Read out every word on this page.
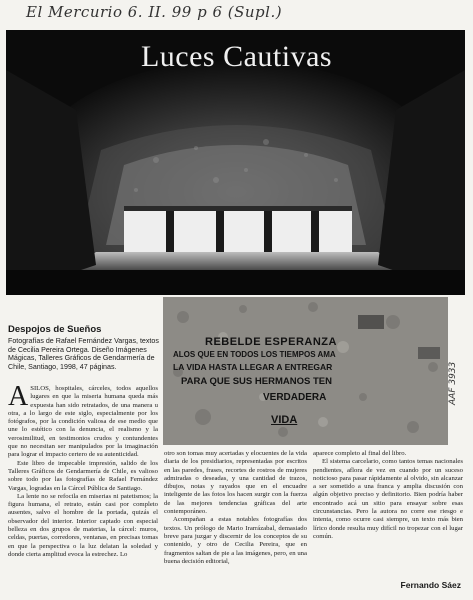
El Mercurio 6. II. 99 p 6 (Supl.)
Luces Cautivas
REBELDE ESPERANZA
ALOS QUE EN TODOS LOS TIEMPOS AMA
LA VIDA HASTA LLEGAR A ENTREGAR
PARA QUE SUS HERMANOS TEN
VERDADERA
VIDA
AAF 3933
Despojos de Sueños
Fotografías de Rafael Fernández Vargas, textos de Cecilia Pereira Ortega. Diseño Imágenes Mágicas, Talleres Gráficos de Gendarmería de Chile, Santiago, 1998, 47 páginas.

ASILOS, hospitales, cárceles, todos aquellos lugares en que la miseria humana queda más expuesta han sido retratados, de una manera u otra, a lo largo de este siglo, especialmente por los fotógrafos, por la condición valiosa de ese medio que une lo estético con la denuncia, el realismo y la verosimilitud, en testimonios crudos y contundentes que no necesitan ser manipulados por la imaginación para lograr el impacto certero de su autenticidad.

Este libro de impecable impresión, salido de los Talleres Gráficos de Gendarmería de Chile, es valioso sobre todo por las fotografías de Rafael Fernández Vargas, logradas en la Cárcel Pública de Santiago.

La lente no se refocila en miserias ni patetismos; la figura humana, el retrato, están casi por completo ausentes, salvo el hombre de la portada, quizás el observador del interior. Interior captado con especial belleza en dos grupos de materias, la cárcel: muros, celdas, puertas, corredores, ventanas, en precisas tomas en que la perspectiva o la luz delatan la soledad y donde cierta amplitud evoca la estrechez. Lo

otro son tomas muy acertadas y elocuentes de la vida diaria de los presidiarios, representadas por escritos en las paredes, frases, recortes de rostros de mujeres admiradas o deseadas, y una cantidad de trazos, dibujos, notas y rayados que en el encuadre inteligente de las fotos los hacen surgir con la fuerza de las mejores tendencias gráficas del arte contemporáneo.

Acompañan a estas notables fotografías dos textos. Un prólogo de Mario Irarrázabal, demasiado breve para juzgar y discernir de los conceptos de su contenido, y otro de Cecilia Pereira, que en fragmentos saltan de pie a las imágenes, pero, en una buena decisión editorial,

aparece completo al final del libro.

El sistema carcelario, como tantos temas nacionales pendientes, aflora de vez en cuando por un suceso noticioso para pasar rápidamente al olvido, sin alcanzar a ser sometido a una franca y amplia discusión con algún objetivo preciso y definitorio. Bien podría haber encontrado acá un sitio para ensayar sobre esas circunstancias. Pero la autora no corre ese riesgo e intenta, como ocurre casi siempre, un texto más bien lírico donde resulta muy difícil no tropezar con el lugar común.

Fernando Sáez
